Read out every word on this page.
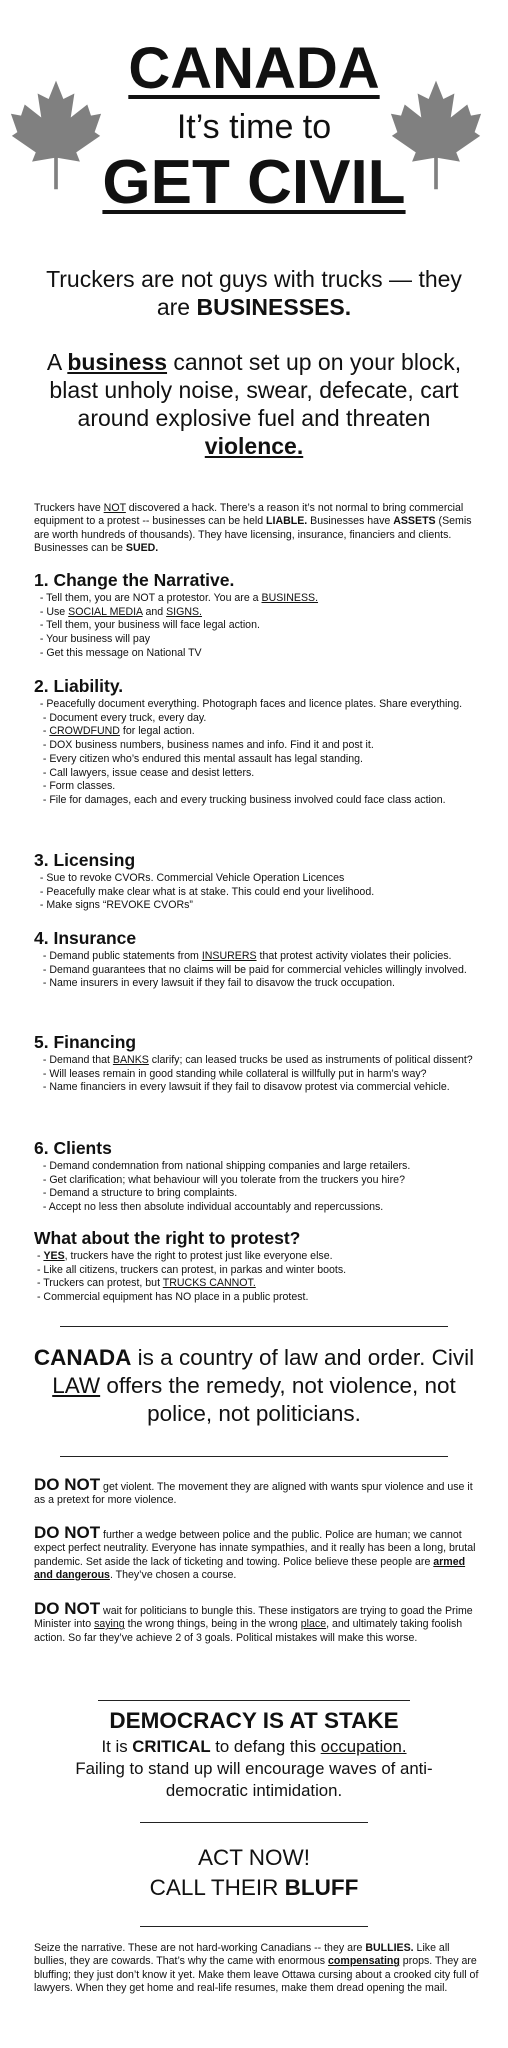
CANADA
It’s time to
GET CIVIL
Truckers are not guys with trucks — they are BUSINESSES.
A business cannot set up on your block, blast unholy noise, swear, defecate, cart around explosive fuel and threaten violence.
Truckers have NOT discovered a hack. There’s a reason it’s not normal to bring commercial equipment to a protest -- businesses can be held LIABLE. Businesses have ASSETS (Semis are worth hundreds of thousands). They have licensing, insurance, financiers and clients. Businesses can be SUED.
1. Change the Narrative.
- Tell them, you are NOT a protestor. You are a BUSINESS.
- Use SOCIAL MEDIA and SIGNS.
- Tell them, your business will face legal action.
- Your business will pay
- Get this message on National TV
2. Liability.
- Peacefully document everything. Photograph faces and licence plates. Share everything.
- Document every truck, every day.
- CROWDFUND for legal action.
- DOX business numbers, business names and info. Find it and post it.
- Every citizen who’s endured this mental assault has legal standing.
- Call lawyers, issue cease and desist letters.
- Form classes.
- File for damages, each and every trucking business involved could face class action.
3. Licensing
- Sue to revoke CVORs. Commercial Vehicle Operation Licences
- Peacefully make clear what is at stake. This could end your livelihood.
- Make signs “REVOKE CVORs”
4. Insurance
- Demand public statements from INSURERS that protest activity violates their policies.
- Demand guarantees that no claims will be paid for commercial vehicles willingly involved.
- Name insurers in every lawsuit if they fail to disavow the truck occupation.
5. Financing
- Demand that BANKS clarify; can leased trucks be used as instruments of political dissent?
- Will leases remain in good standing while collateral is willfully put in harm’s way?
- Name financiers in every lawsuit if they fail to disavow protest via commercial vehicle.
6. Clients
- Demand condemnation from national shipping companies and large retailers.
- Get clarification; what behaviour will you tolerate from the truckers you hire?
- Demand a structure to bring complaints.
- Accept no less then absolute individual accountably and repercussions.
What about the right to protest?
- YES, truckers have the right to protest just like everyone else.
- Like all citizens, truckers can protest, in parkas and winter boots.
- Truckers can protest, but TRUCKS CANNOT.
- Commercial equipment has NO place in a public protest.
CANADA is a country of law and order. Civil LAW offers the remedy, not violence, not police, not politicians.
DO NOT get violent. The movement they are aligned with wants spur violence and use it as a pretext for more violence.
DO NOT further a wedge between police and the public. Police are human; we cannot expect perfect neutrality. Everyone has innate sympathies, and it really has been a long, brutal pandemic. Set aside the lack of ticketing and towing. Police believe these people are armed and dangerous. They’ve chosen a course.
DO NOT wait for politicians to bungle this. These instigators are trying to goad the Prime Minister into saying the wrong things, being in the wrong place, and ultimately taking foolish action. So far they’ve achieve 2 of 3 goals. Political mistakes will make this worse.
DEMOCRACY IS AT STAKE
It is CRITICAL to defang this occupation.
Failing to stand up will encourage waves of anti-democratic intimidation.
ACT NOW!
CALL THEIR BLUFF
Seize the narrative. These are not hard-working Canadians -- they are BULLIES. Like all bullies, they are cowards. That’s why the came with enormous compensating props. They are bluffing; they just don’t know it yet. Make them leave Ottawa cursing about a crooked city full of lawyers. When they get home and real-life resumes, make them dread opening the mail.
